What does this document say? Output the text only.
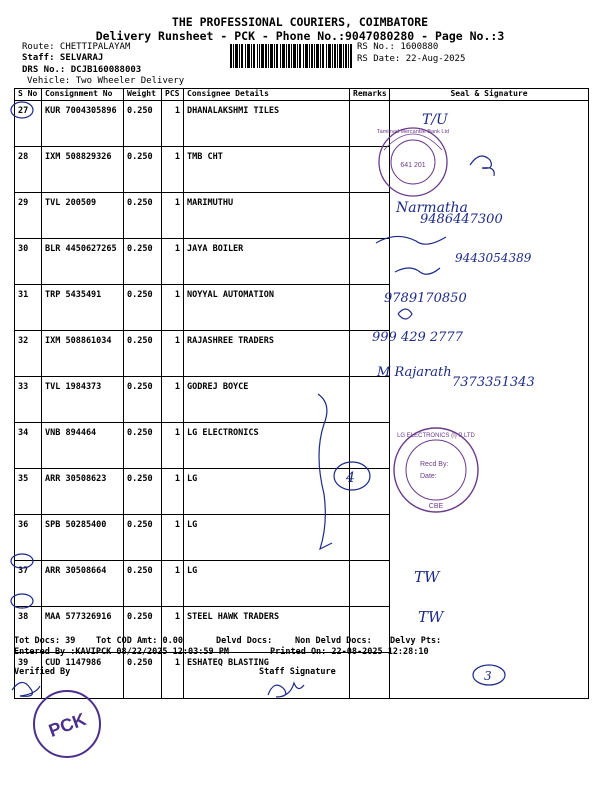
THE PROFESSIONAL COURIERS, COIMBATORE
Delivery Runsheet - PCK - Phone No.:9047080280 - Page No.:3
Route: CHETTIPALAYAM
Staff: SELVARAJ
DRS No.: DCJB160088003
Vehicle: Two Wheeler Delivery
RS No.: 1600880
RS Date: 22-Aug-2025
S No	Consignment No	Weight	PCS	Consignee Details	Remarks	Seal & Signature
27	KUR 7004305896	0.250	1	DHANALAKSHMI TILES		
28	IXM 508829326	0.250	1	TMB CHT		
29	TVL 200509	0.250	1	MARIMUTHU		
30	BLR 4450627265	0.250	1	JAYA BOILER		
31	TRP 5435491	0.250	1	NOYYAL AUTOMATION		
32	IXM 508861034	0.250	1	RAJASHREE TRADERS		
33	TVL 1984373	0.250	1	GODREJ BOYCE		
34	VNB 894464	0.250	1	LG ELECTRONICS		
35	ARR 30508623	0.250	1	LG		
36	SPB 50285400	0.250	1	LG		
37	ARR 30508664	0.250	1	LG		
38	MAA 577326916	0.250	1	STEEL HAWK TRADERS		
39	CUD 1147986	0.250	1	ESHATEQ BLASTING		
Tot Docs: 39 Tot COD Amt: 0.00	Delvd Docs:	Non Delvd Docs: Delvy Pts:
Entered By :KAVIPCK 08/22/2025 12:03:59 PM	Printed On: 22-08-2025 12:28:10
Verified By	Staff Signature
641 201
Tamilnad Mercantile Bank Ltd
LG ELECTRONICS (I) P LTD
Recd By:
Date:
CBE
T/U
Narmatha
9486447300
9443054389
9789170850
999 429 2777
M Rajarath
7373351343
4
TW
TW
3
PCK
